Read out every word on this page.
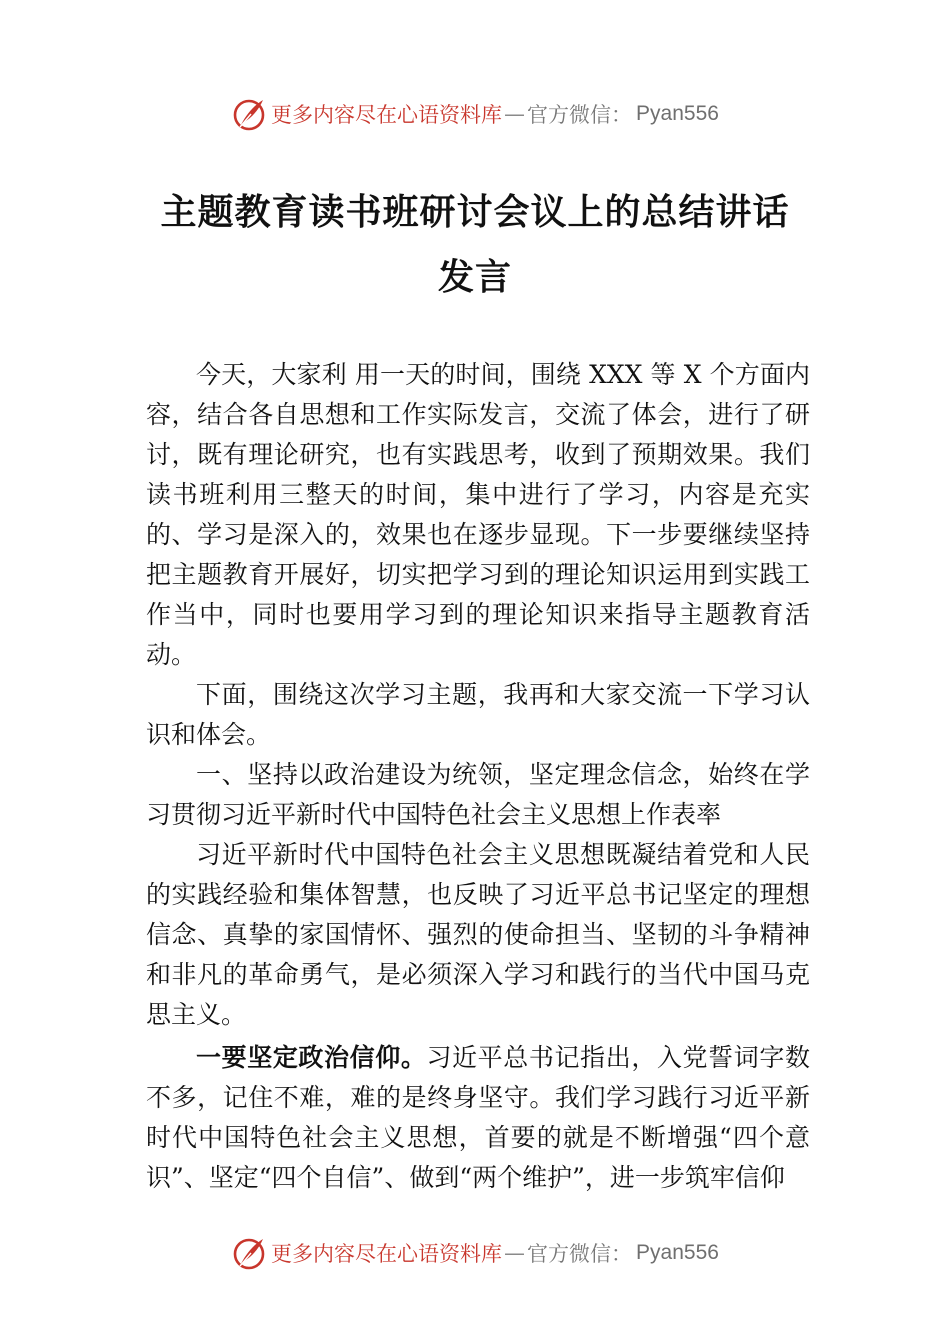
更多内容尽在心语资料库 — 官方微信： Pyan556
主题教育读书班研讨会议上的总结讲话发言

今天，大家利 用一天的时间，围绕 XXX 等 X 个方面内容，结合各自思想和工作实际发言，交流了体会，进行了研讨，既有理论研究，也有实践思考，收到了预期效果。我们读书班利用三整天的时间，集中进行了学习，内容是充实的、学习是深入的，效果也在逐步显现。下一步要继续坚持把主题教育开展好，切实把学习到的理论知识运用到实践工作当中，同时也要用学习到的理论知识来指导主题教育活动。

下面，围绕这次学习主题，我再和大家交流一下学习认识和体会。

一、坚持以政治建设为统领，坚定理念信念，始终在学习贯彻习近平新时代中国特色社会主义思想上作表率

习近平新时代中国特色社会主义思想既凝结着党和人民的实践经验和集体智慧，也反映了习近平总书记坚定的理想信念、真挚的家国情怀、强烈的使命担当、坚韧的斗争精神和非凡的革命勇气，是必须深入学习和践行的当代中国马克思主义。

一要坚定政治信仰。习近平总书记指出，入党誓词字数不多，记住不难，难的是终身坚守。我们学习践行习近平新时代中国特色社会主义思想，首要的就是不断增强“四个意识”、坚定“四个自信”、做到“两个维护”，进一步筑牢信仰

更多内容尽在心语资料库 — 官方微信： Pyan556
